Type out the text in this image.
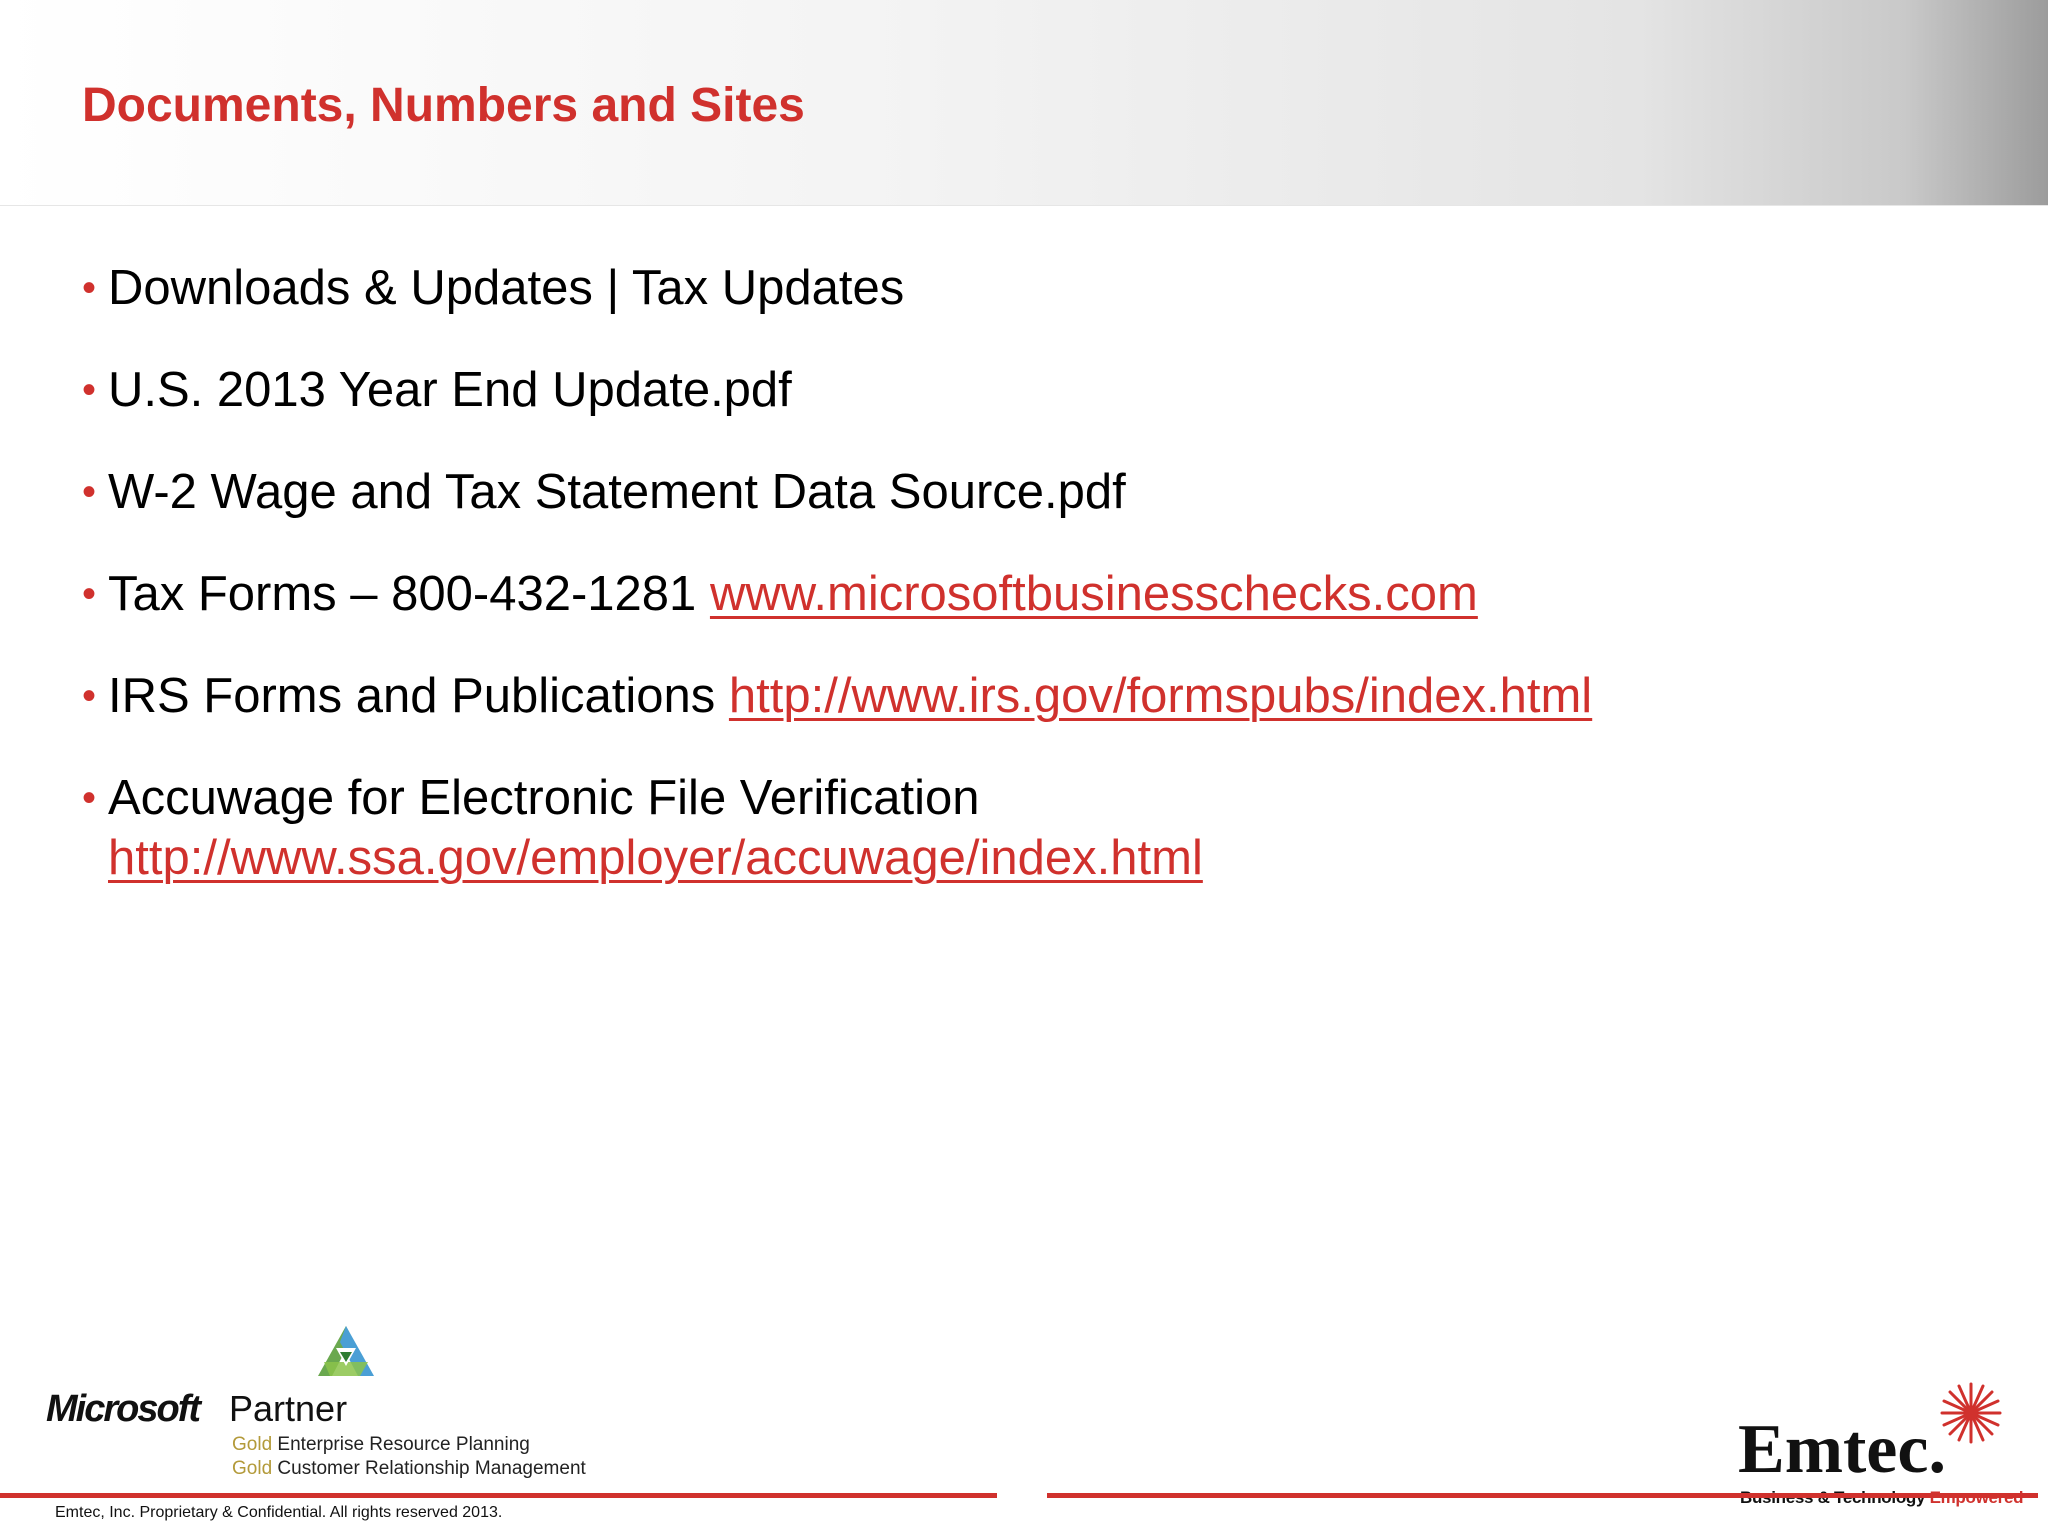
Documents, Numbers and Sites
• Downloads & Updates | Tax Updates
• U.S. 2013 Year End Update.pdf
• W-2 Wage and Tax Statement Data Source.pdf
• Tax Forms – 800-432-1281 www.microsoftbusinesschecks.com
• IRS Forms and Publications http://www.irs.gov/formspubs/index.html
• Accuwage for Electronic File Verification
http://www.ssa.gov/employer/accuwage/index.html
Microsoft Partner
Gold Enterprise Resource Planning
Gold Customer Relationship Management	Emtec.
Emtec, Inc. Proprietary & Confidential. All rights reserved 2013.
